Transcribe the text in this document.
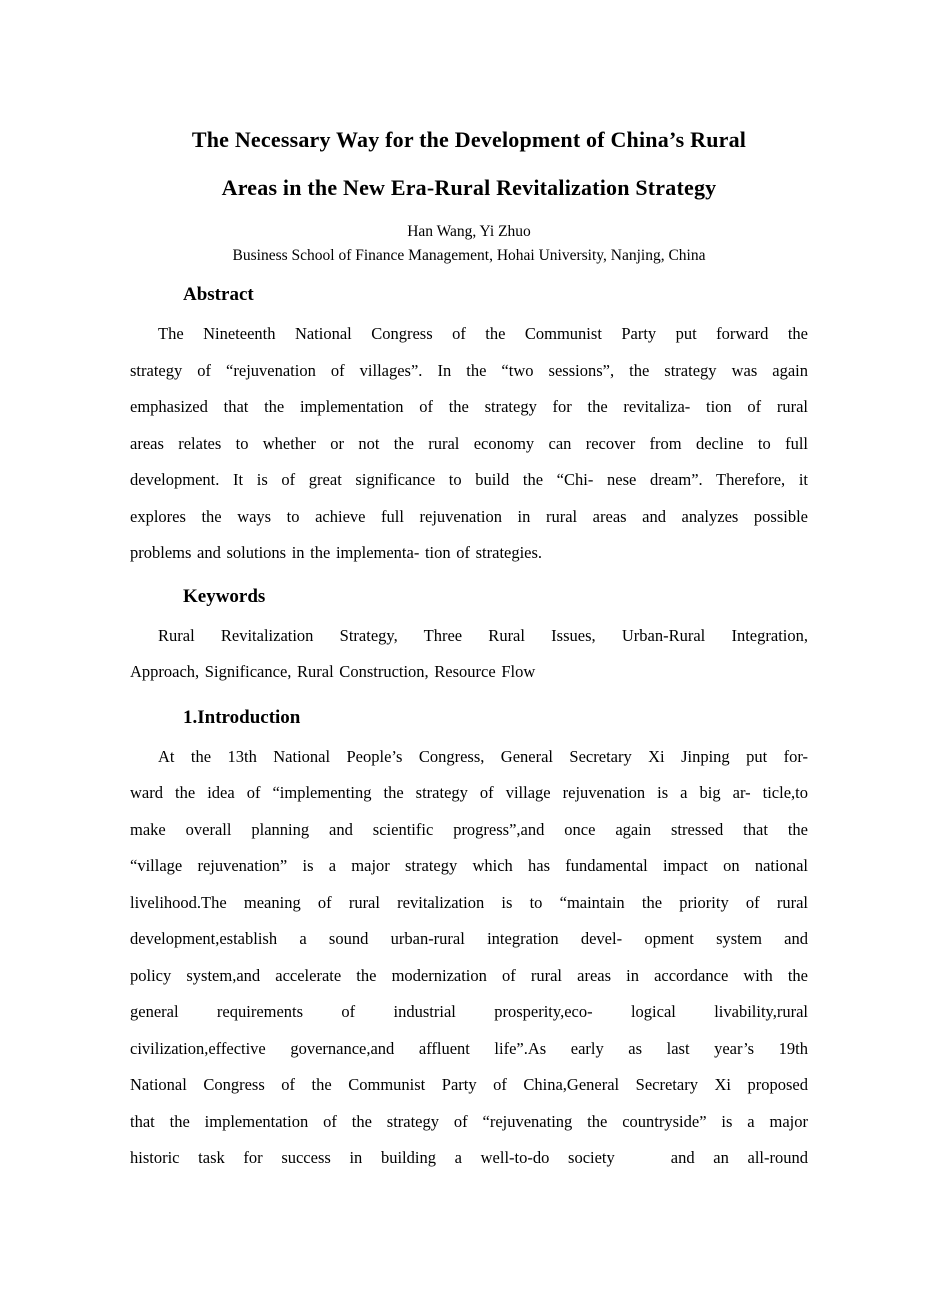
The Necessary Way for the Development of China’s Rural
Areas in the New Era-Rural Revitalization Strategy
Han Wang, Yi Zhuo
Business School of Finance Management, Hohai University, Nanjing, China
Abstract
The Nineteenth National Congress of the Communist Party put forward the
strategy of “rejuvenation of villages”. In the “two sessions”, the strategy was again
emphasized that the implementation of the strategy for the revitaliza- tion of rural
areas relates to whether or not the rural economy can recover from decline to full
development. It is of great significance to build the “Chi- nese dream”. Therefore, it
explores the ways to achieve full rejuvenation in rural areas and analyzes possible
problems and solutions in the implementa- tion of strategies.
Keywords
Rural Revitalization Strategy, Three Rural Issues, Urban-Rural Integration,
Approach, Significance, Rural Construction, Resource Flow
1.Introduction
At the 13th National People’s Congress, General Secretary Xi Jinping put for-
ward the idea of “implementing the strategy of village rejuvenation is a big ar- ticle,to
make overall planning and scientific progress”,and once again stressed that the
“village rejuvenation” is a major strategy which has fundamental impact on national
livelihood.The meaning of rural revitalization is to “maintain the priority of rural
development,establish a sound urban-rural integration devel- opment system and
policy system,and accelerate the modernization of rural areas in accordance with the
general requirements of industrial prosperity,eco- logical livability,rural
civilization,effective governance,and affluent life”.As early as last year’s 19th
National Congress of the Communist Party of China,General Secretary Xi proposed
that the implementation of the strategy of “rejuvenating the countryside” is a major
historic task for success in building a well-to-do society   and an all-round
